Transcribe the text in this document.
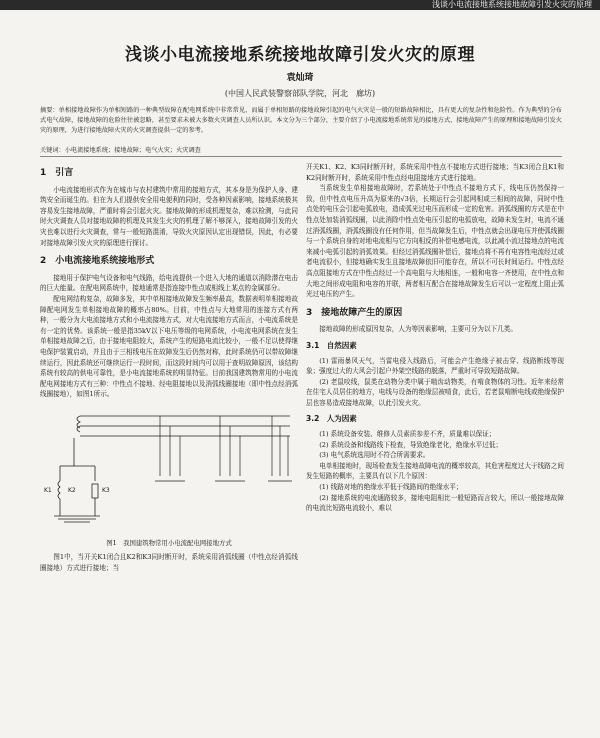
浅谈小电流接地系统接地故障引发火灾的原理
浅谈小电流接地系统接地故障引发火灾的原理
袁灿琦
(中国人民武装警察部队学院，河北　廊坊)
摘要：单相接地故障作为单相短路的一种典型故障在配电网系统中非常常见，而属于单相短路的接地故障引起的电气火灾是一般的短路故障相比，具有更大的复杂性和危险性。作为典型的分布式电气故障，接地故障的危险往往被忽略，甚至要求未被大多数火灾调查人员所认识。本文分为三个部分，主要介绍了小电流接地系统常见的接地方式、接地故障产生的原理和接地故障引发火灾的原理，为进行接地故障火灾的火灾调查提供一定的参考。
关键词：小电流接地系统；接地故障；电气火灾；火灾调查
1　引言

小电流接地形式作为在城市与农村建筑中常用的接地方式，其本身是为保护人身、建筑安全而诞生的。但在为人们提供安全用电便利的同时，受各种因素影响，接地系统极其容易发生接地故障，严重时将会引起火灾。接地故障的形成机理复杂，难以检测，与此同时火灾调查人员对接地故障的机理及其发生火灾的机理了解不够深入，接地故障引发的火灾也难以进行火灾调查，常与一般短路混淆，导致火灾原因认定出现错误，因此，有必要对接地故障引发火灾的原理进行探讨。

2　小电流接地系统接地形式

接地用于保护电气设备和电气线路，给电流提供一个进入大地的通道以消除潜在电击的巨大能量。在配电网系统中，接地通常是指连接中性点或相线上某点的金属部分。

配电网结构复杂，故障多发，其中单相接地故障发生频率最高，数据表明单相接地故障配电网发生单相接地故障的概率占80%。目前，中性点与大地常用的连接方式有两种，一般分为大电流接地方式和小电流接地方式，对大电流接地方式而言，小电流系统是有一定的优势。该系统一般是指35kV以下电压等级的电网系统，小电流电网系统在发生单相接地故障之后，由于接地电阻较大，系统产生的短路电流比较小，一般不足以使得继电保护装置启动，并且由于三相线电压在故障发生后仍然对称，此时系统仍可以带故障继续运行，因此系统还可继续运行一段时间，而这段时间内可以用于查明故障原因，该结构系统有较高的供电可靠性，是小电流接地系统的明显特征。目前我国建筑物常用的小电流配电网接地方式有三种：中性点不接地、经电阻接地以及消弧线圈接地（即中性点经消弧线圈接地），如图1所示。

K1	K2	K3
图1　我国建筑物常用小电流配电网接地方式

图1中，当开关K1闭合且K2和K3同时断开时，系统采用消弧线圈（中性点经消弧线圈接地）方式进行接地；当

开关K1、K2、K3同时断开时，系统采用中性点不接地方式进行接地；当K3闭合且K1和K2同时断开时，系统采用中性点经电阻接地方式进行接地。

当系统发生单相接地故障时，若系统处于中性点不接地方式下，线电压仍然保持一致，但中性点电压升高为原来的√3倍，长期运行会引起网相或三相间的故障，同时中性点处的电压会引起电弧放电，造成弧光过电压而形成一定的危害。消弧线圈的方式是在中性点处加装消弧线圈，以此消除中性点处电压引起的电弧放电，故障未发生时，电流不通过消弧线圈，消弧线圈没有任何作用，但当故障发生后，中性点就会出现电压并使弧线圈与一个系统自身的对地电流相与它方向相反的补偿电感电流，以此减小流过接地点的电流来减小电弧引起的消弧效果。但经过消弧线圈补偿后，接地点将不再有电容性电流经过或者电流很小，但接地确实发生且接地故障依旧可能存在，所以不可长时间运行。中性点经高点阻接地方式在中性点经过一个高电阻与大地相连，一般和电容一齐使用，在中性点和大地之间形成电阻和电容的并联，两者相互配合在接地故障发生后可以一定程度上阻止弧光过电压的产生。

3　接地故障产生的原因

接地故障的形成原因复杂，人为等因素影响，主要可分为以下几类。

3.1　自然因素

(1) 雷雨暴风天气，当雷电侵入线路后，可能会产生绝缘子被击穿、线路断线等现象；强度过大的大风会引起户外架空线路的脱落，严重时可导致短路故障。

(2) 老鼠咬线，鼠类在动物分类中属于啮齿动物类，有啃食物体的习性。近年来经常在住宅人员居住的地方，电线与设备的绝缘层被啃食，此后，若老鼠啃断电线或绝缘保护层也容易造成接地故障，以此引发火灾。

3.2　人为因素

(1) 系统设备安装、维修人员素质参差不齐，质量难以保证；

(2) 系统设备和线路线下检查，导致绝缘老化，绝缘水平过低；

(3) 电气系统选用时不符合所需要求。

电单相接地时，现场检查发生接地故障电流的概率较高，其危害程度过大于线路之间发生短路的概率，主要具有以下几个原因：

(1) 线路对地的绝缘水平低于线路间的绝缘水平；

(2) 接地系统的电流通路较多，接地电阻相比一般短路而言较大，所以一般接地故障的电流比短路电流较小，难以
